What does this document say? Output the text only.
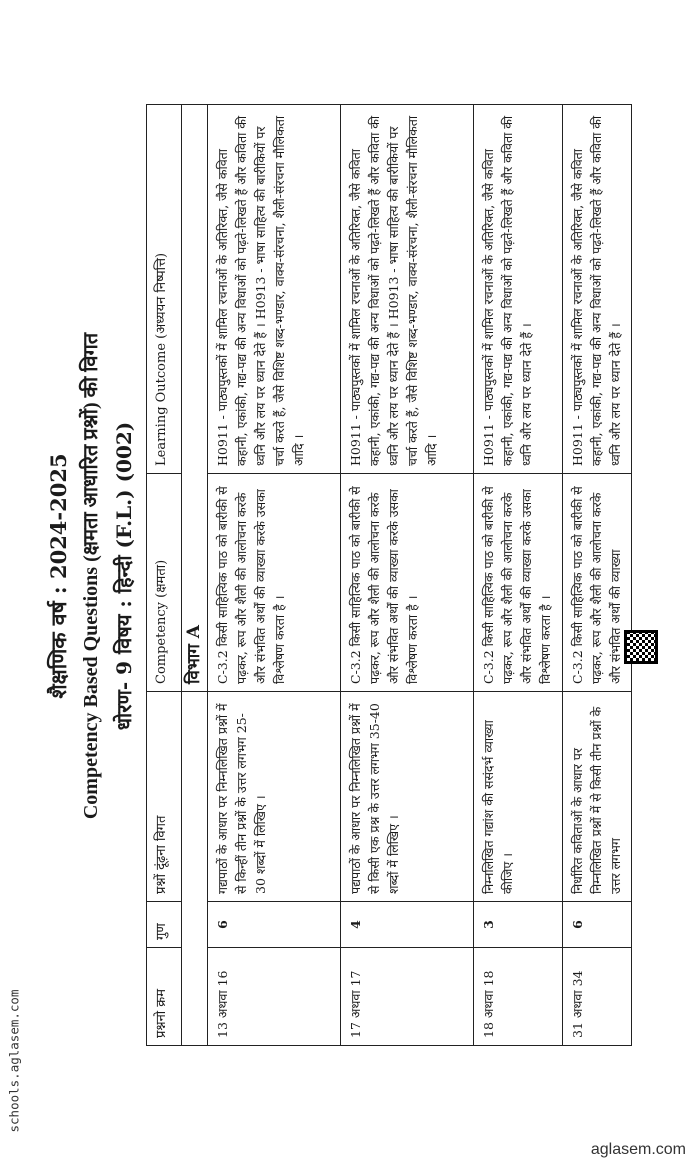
schools.aglasem.com
aglasem.com
शैक्षणिक वर्ष : 2024-2025 Competency Based Questions (क्षमता आधारित प्रश्नों) की विगत धोरण- 9 विषय : हिन्दी (F.L.) (002)
प्रश्ननो क्रम	गुण	प्रश्नों दूंढ़ना विगत	Competency (क्षमता)	Learning Outcome (अध्ययन निष्पत्ति)
			विभाग A	
13 अथवा 16	6	गद्यपाठों के आधार पर निम्नलिखित प्रश्नों में से किन्हीं तीन प्रश्नों के उत्तर लगभग 25-30 शब्दों में लिखिए ।	C-3.2 किसी साहित्यिक पाठ को बारीकी से पढ़कर, रूप और शैली की आलोचना करके और संभवित अर्थों की व्याख्या करके उसका विश्लेषण करता है ।	H0911 - पाठ्यपुस्तकों में शामिल रचनाओं के अतिरिक्त, जैसे कविता कहानी, एकांकी, गद्य-पद्य की अन्य विधाओं को पढ़ते-लिखते हैं और कविता की ध्वनि और लय पर ध्यान देते हैं । H0913 - भाषा साहित्य की बारीकियों पर चर्चा करते हैं, जैसे विशिष्ट शब्द-भण्डार, वाक्य-संरचना, शैली-संरचना मौलिकता आदि ।
17 अथवा 17	4	पद्यपाठों के आधार पर निम्नलिखित प्रश्नों में से किसी एक प्रश्न के उत्तर लगभग 35-40 शब्दों में लिखिए ।	C-3.2 किसी साहित्यिक पाठ को बारीकी से पढ़कर, रूप और शैली की आलोचना करके और संभवित अर्थों की व्याख्या करके उसका विश्लेषण करता है ।	H0911 - पाठ्यपुस्तकों में शामिल रचनाओं के अतिरिक्त, जैसे कविता कहानी, एकांकी, गद्य-पद्य की अन्य विधाओं को पढ़ते-लिखते हैं और कविता की ध्वनि और लय पर ध्यान देते हैं । H0913 - भाषा साहित्य की बारीकियों पर चर्चा करते हैं, जैसे विशिष्ट शब्द-भण्डार, वाक्य-संरचना, शैली-संरचना मौलिकता आदि ।
18 अथवा 18	3	निम्नलिखित गद्यांश की ससंदर्भ व्याख्या कीजिए ।	C-3.2 किसी साहित्यिक पाठ को बारीकी से पढ़कर, रूप और शैली की आलोचना करके और संभवित अर्थों की व्याख्या करके उसका विश्लेषण करता है ।	H0911 - पाठ्यपुस्तकों में शामिल रचनाओं के अतिरिक्त, जैसे कविता कहानी, एकांकी, गद्य-पद्य की अन्य विधाओं को पढ़ते-लिखते हैं और कविता की ध्वनि और लय पर ध्यान देते हैं ।
31 अथवा 34	6	निर्धारित कविताओं के आधार पर निम्नलिखित प्रश्नों में से किसी तीन प्रश्नों के उत्तर लगभग	C-3.2 किसी साहित्यिक पाठ को बारीकी से पढ़कर, रूप और शैली की आलोचना करके और संभवित अर्थों की व्याख्या	H0911 - पाठ्यपुस्तकों में शामिल रचनाओं के अतिरिक्त, जैसे कविता कहानी, एकांकी, गद्य-पद्य की अन्य विधाओं को पढ़ते-लिखते हैं और कविता की ध्वनि और लय पर ध्यान देते हैं ।
